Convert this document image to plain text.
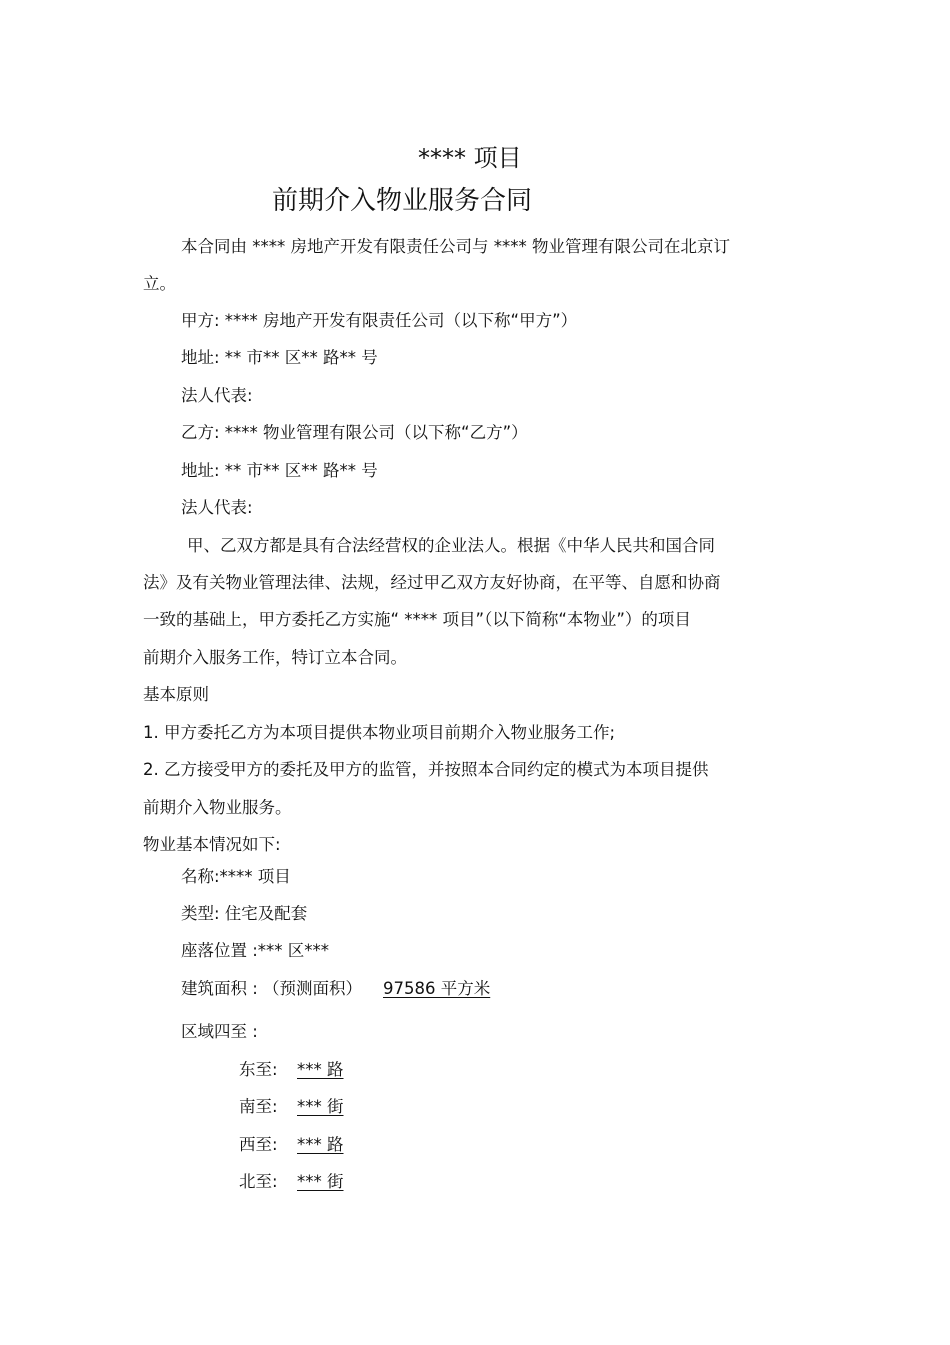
**** 项目
前期介入物业服务合同
本合同由 **** 房地产开发有限责任公司与 **** 物业管理有限公司在北京订
立。
甲方: **** 房地产开发有限责任公司（以下称“甲方”）
地址: ** 市** 区** 路** 号
法人代表:
乙方: **** 物业管理有限公司（以下称“乙方”）
地址: ** 市** 区** 路** 号
法人代表:
甲、乙双方都是具有合法经营权的企业法人。根据《中华人民共和国合同
法》及有关物业管理法律、法规，经过甲乙双方友好协商，在平等、自愿和协商
一致的基础上，甲方委托乙方实施“ **** 项目”（以下简称“本物业”）的项目
前期介入服务工作，特订立本合同。
基本原则
1. 甲方委托乙方为本项目提供本物业项目前期介入物业服务工作;
2. 乙方接受甲方的委托及甲方的监管，并按照本合同约定的模式为本项目提供
前期介入物业服务。
物业基本情况如下:
名称:**** 项目
类型: 住宅及配套
座落位置 :*** 区***
建筑面积 : （预测面积） 97586 平方米
区域四至 :
东至: *** 路
南至: *** 街
西至: *** 路
北至: *** 街
